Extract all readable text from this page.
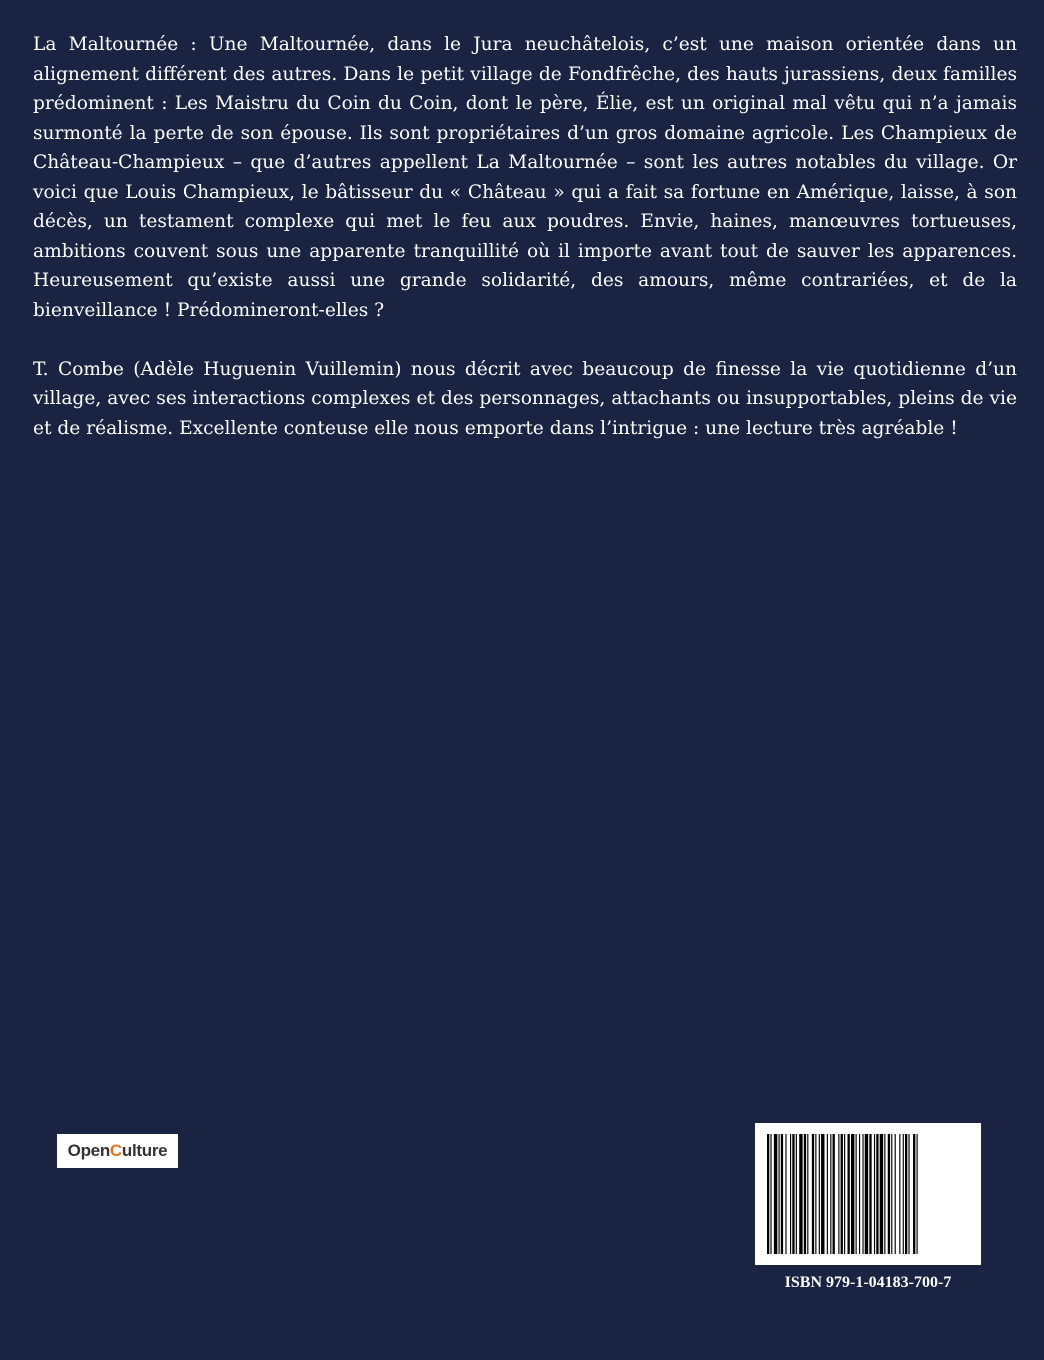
La Maltournée : Une Maltournée, dans le Jura neuchâtelois, c’est une maison orientée dans un alignement différent des autres. Dans le petit village de Fondfrêche, des hauts jurassiens, deux familles prédominent : Les Maistru du Coin du Coin, dont le père, Élie, est un original mal vêtu qui n’a jamais surmonté la perte de son épouse. Ils sont propriétaires d’un gros domaine agricole. Les Champieux de Château-Champieux – que d’autres appellent La Maltournée – sont les autres notables du village. Or voici que Louis Champieux, le bâtisseur du « Château » qui a fait sa fortune en Amérique, laisse, à son décès, un testament complexe qui met le feu aux poudres. Envie, haines, manœuvres tortueuses, ambitions couvent sous une apparente tranquillité où il importe avant tout de sauver les apparences. Heureusement qu’existe aussi une grande solidarité, des amours, même contrariées, et de la bienveillance ! Prédomineront-elles ?

T. Combe (Adèle Huguenin Vuillemin) nous décrit avec beaucoup de finesse la vie quotidienne d’un village, avec ses interactions complexes et des personnages, attachants ou insupportables, pleins de vie et de réalisme. Excellente conteuse elle nous emporte dans l’intrigue : une lecture très agréable !

Open C ulture
ISBN 979-1-04183-700-7
